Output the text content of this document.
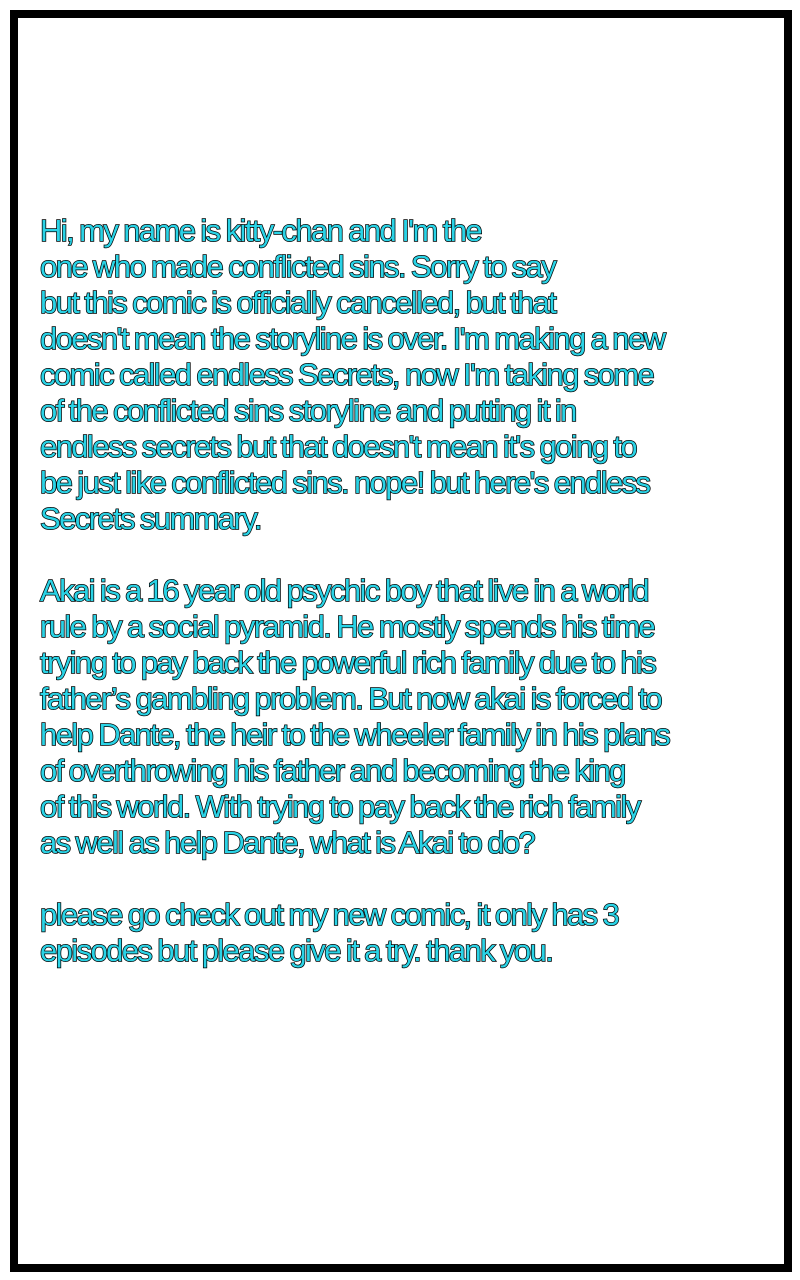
Hi, my name is kitty-chan and I'm the
one who made conflicted sins. Sorry to say
but this comic is officially cancelled, but that
doesn't mean the storyline is over. I'm making a new
comic called endless Secrets, now I'm taking some
of the conflicted sins storyline and putting it in
endless secrets but that doesn't mean it's going to
be just like conflicted sins. nope! but here's endless
Secrets summary.
Akai is a 16 year old psychic boy that live in a world
rule by a social pyramid. He mostly spends his time
trying to pay back the powerful rich family due to his
father’s gambling problem. But now akai is forced to
help Dante, the heir to the wheeler family in his plans
of overthrowing his father and becoming the king
of this world. With trying to pay back the rich family
as well as help Dante, what is Akai to do?
please go check out my new comic, it only has 3
episodes but please give it a try. thank you.
